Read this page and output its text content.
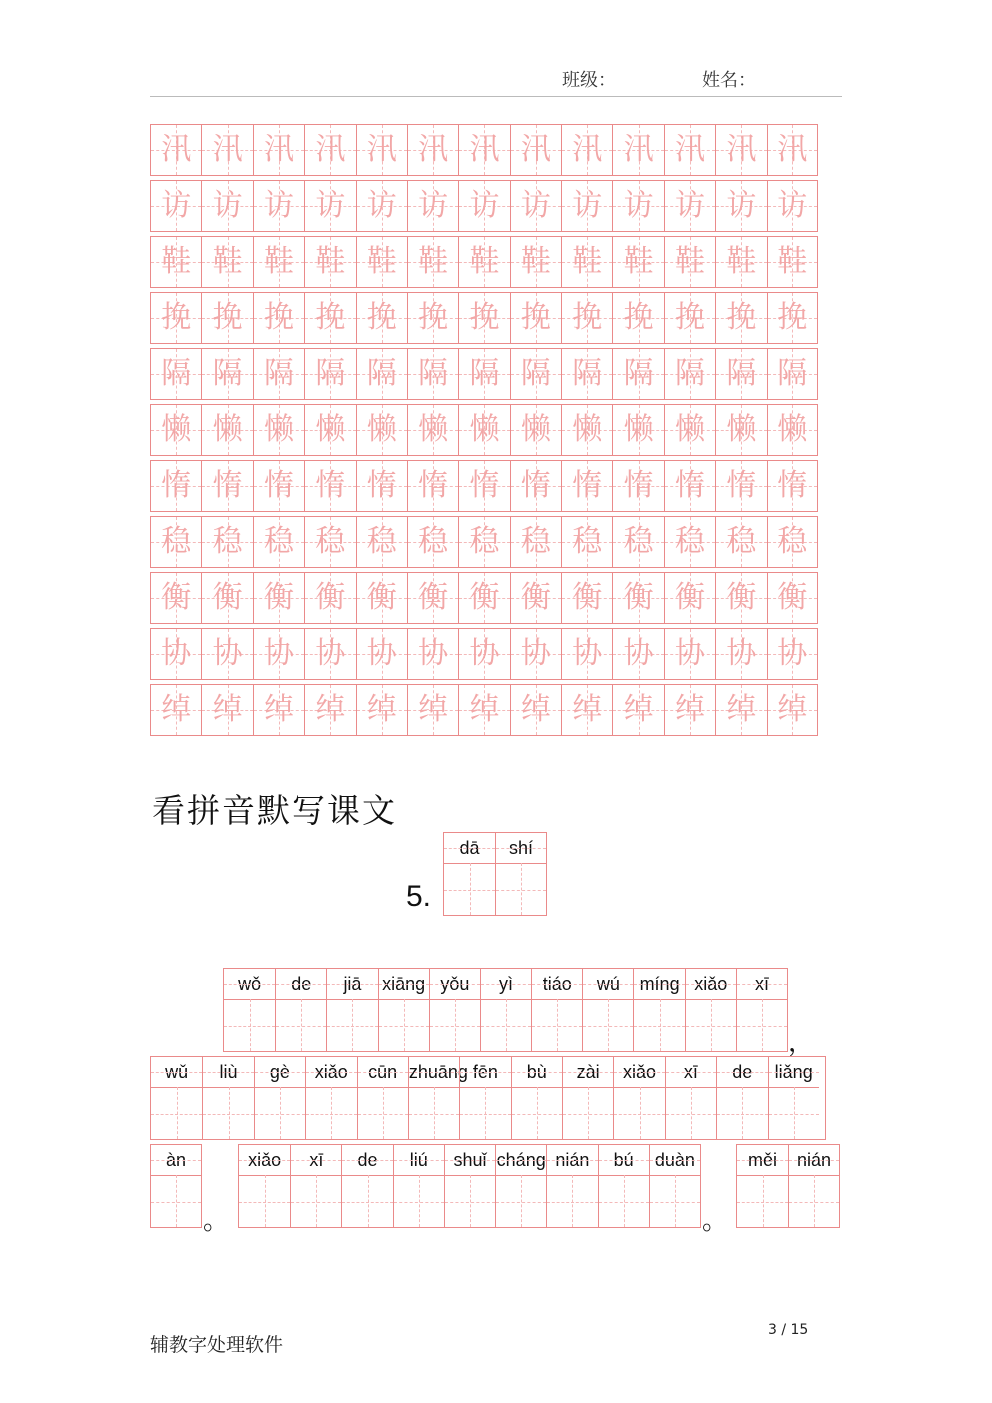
班级：	姓名：
汛 汛 汛 汛 汛 汛 汛 汛 汛 汛 汛 汛 汛
访 访 访 访 访 访 访 访 访 访 访 访 访
鞋 鞋 鞋 鞋 鞋 鞋 鞋 鞋 鞋 鞋 鞋 鞋 鞋
挽 挽 挽 挽 挽 挽 挽 挽 挽 挽 挽 挽 挽
隔 隔 隔 隔 隔 隔 隔 隔 隔 隔 隔 隔 隔
懒 懒 懒 懒 懒 懒 懒 懒 懒 懒 懒 懒 懒
惰 惰 惰 惰 惰 惰 惰 惰 惰 惰 惰 惰 惰
稳 稳 稳 稳 稳 稳 稳 稳 稳 稳 稳 稳 稳
衡 衡 衡 衡 衡 衡 衡 衡 衡 衡 衡 衡 衡
协 协 协 协 协 协 协 协 协 协 协 协 协
绰 绰 绰 绰 绰 绰 绰 绰 绰 绰 绰 绰 绰
看拼音默写课文
5.
dā	shí
wǒ	de	jiā	xiāng yǒu	yì	tiáo	wú	míng xiǎo	xī
，
wǔ	liù	gè	xiǎo	cūn zhuāng fēn	bù	zài	xiǎo	xī	de	liǎng
àn
。
xiǎo	xī	de	liú	shuǐ cháng nián	bú	duàn
。
měi	nián
辅教字处理软件
3 / 15
